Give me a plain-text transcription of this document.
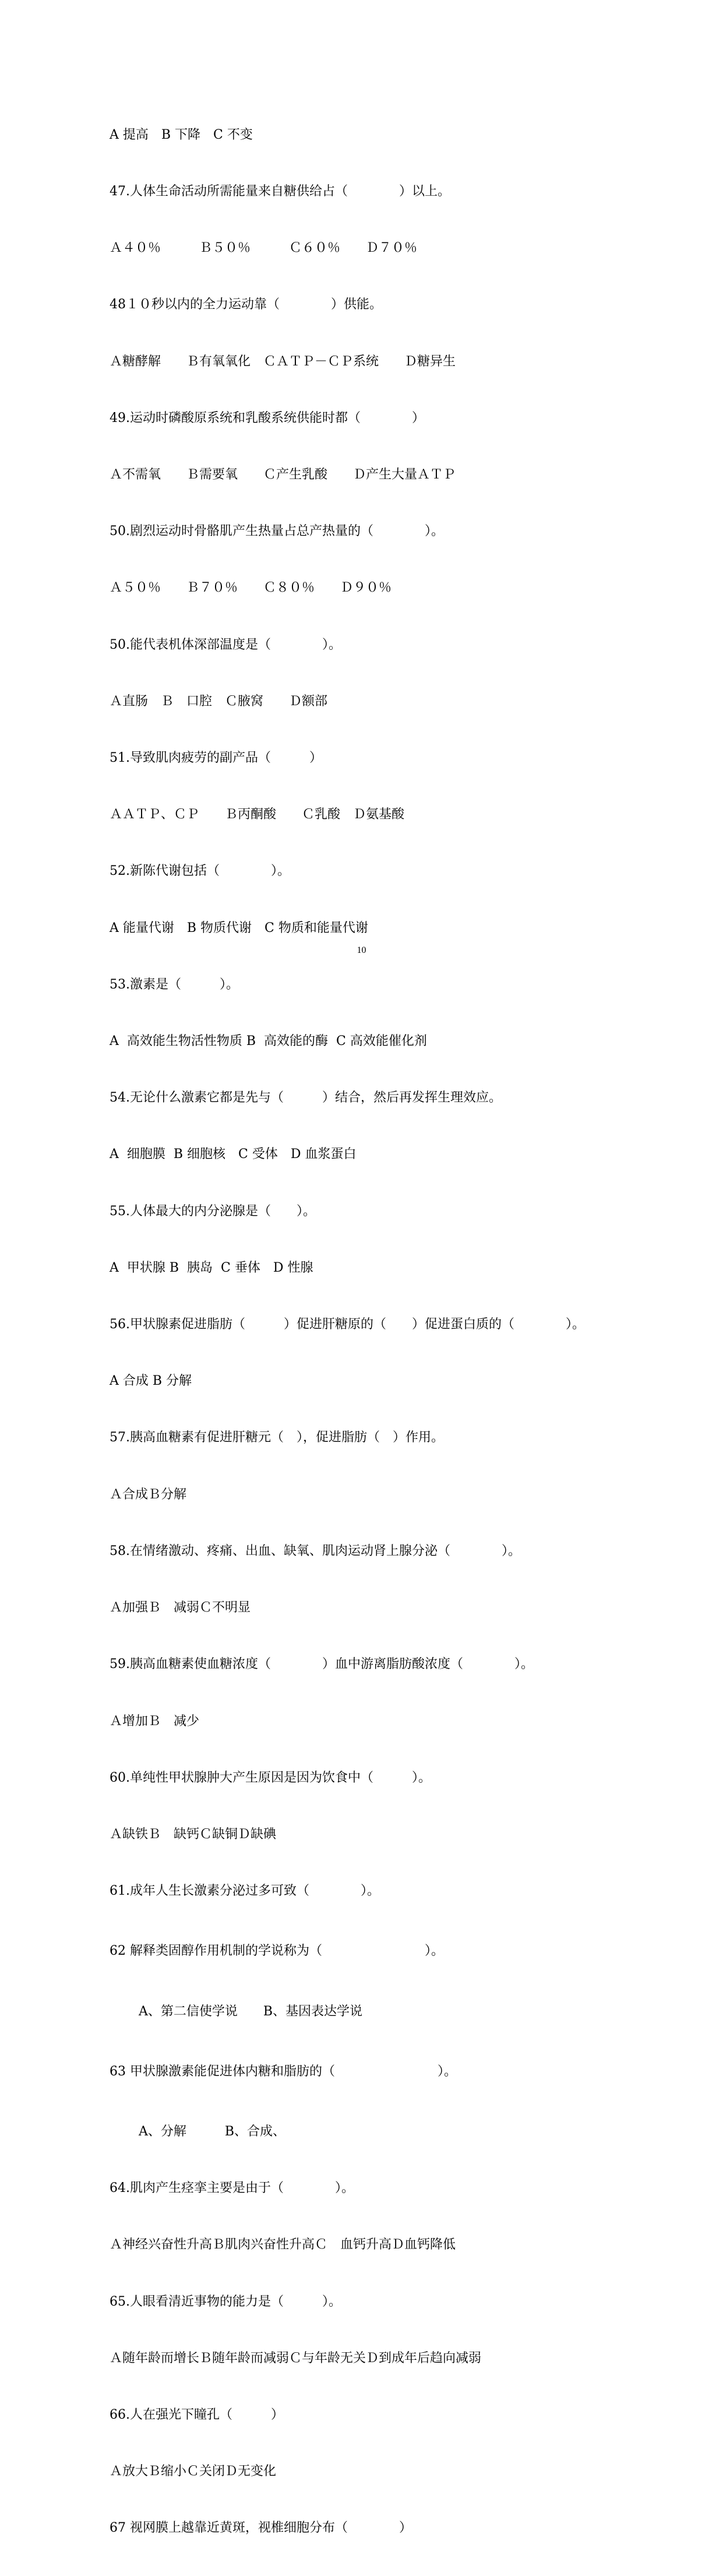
A 提高　B 下降　C 不变

47.人体生命活动所需能量来自糖供给占（　　　　）以上。

Ａ４０％　　　Ｂ５０％　　　Ｃ６０％　　Ｄ７０％

48１０秒以内的全力运动靠（　　　　）供能。

Ａ糖酵解　　Ｂ有氧氧化　ＣＡＴＰ－ＣＰ系统　　Ｄ糖异生

49.运动时磷酸原系统和乳酸系统供能时都（　　　　）

Ａ不需氧　　Ｂ需要氧　　Ｃ产生乳酸　　Ｄ产生大量ＡＴＰ

50.剧烈运动时骨骼肌产生热量占总产热量的（　　　　）。

Ａ５０％　　Ｂ７０％　　Ｃ８０％　　Ｄ９０％

50.能代表机体深部温度是（　　　　）。

Ａ直肠　Ｂ　口腔　Ｃ腋窝　　Ｄ额部

51.导致肌肉疲劳的副产品（　　　）

ＡＡＴＰ、ＣＰ　　Ｂ丙酮酸　　Ｃ乳酸　Ｄ氨基酸

52.新陈代谢包括（　　　　）。

A 能量代谢　B 物质代谢　C 物质和能量代谢

53.激素是（　　　）。

A  高效能生物活性物质 B  高效能的酶  C 高效能催化剂

54.无论什么激素它都是先与（　　　）结合，然后再发挥生理效应。

A  细胞膜  B 细胞核　C 受体　D 血浆蛋白

55.人体最大的内分泌腺是（　　）。

A  甲状腺 B  胰岛  C 垂体　D 性腺

56.甲状腺素促进脂肪（　　　）促进肝糖原的（　　）促进蛋白质的（　　　　）。

A 合成 B 分解

57.胰高血糖素有促进肝糖元（　），促进脂肪（　）作用。

Ａ合成Ｂ分解

58.在情绪激动、疼痛、出血、缺氧、肌肉运动肾上腺分泌（　　　　）。

Ａ加强Ｂ　减弱Ｃ不明显

59.胰高血糖素使血糖浓度（　　　　）血中游离脂肪酸浓度（　　　　）。

Ａ增加Ｂ　减少

60.单纯性甲状腺肿大产生原因是因为饮食中（　　　）。

Ａ缺铁Ｂ　缺钙Ｃ缺铜Ｄ缺碘

61.成年人生长激素分泌过多可致（　　　　）。

62 解释类固醇作用机制的学说称为（　　　　　　　　）。

A、第二信使学说　　B、基因表达学说

63 甲状腺激素能促进体内糖和脂肪的（　　　　　　　　）。

A、分解　　　B、合成、

64.肌肉产生痉挛主要是由于（　　　　）。

Ａ神经兴奋性升高Ｂ肌肉兴奋性升高Ｃ　血钙升高Ｄ血钙降低

65.人眼看清近事物的能力是（　　　）。

Ａ随年龄而增长Ｂ随年龄而减弱Ｃ与年龄无关Ｄ到成年后趋向减弱

66.人在强光下瞳孔（　　　）

Ａ放大Ｂ缩小Ｃ关闭Ｄ无变化

67 视网膜上越靠近黄斑，视椎细胞分布（　　　　）

10
